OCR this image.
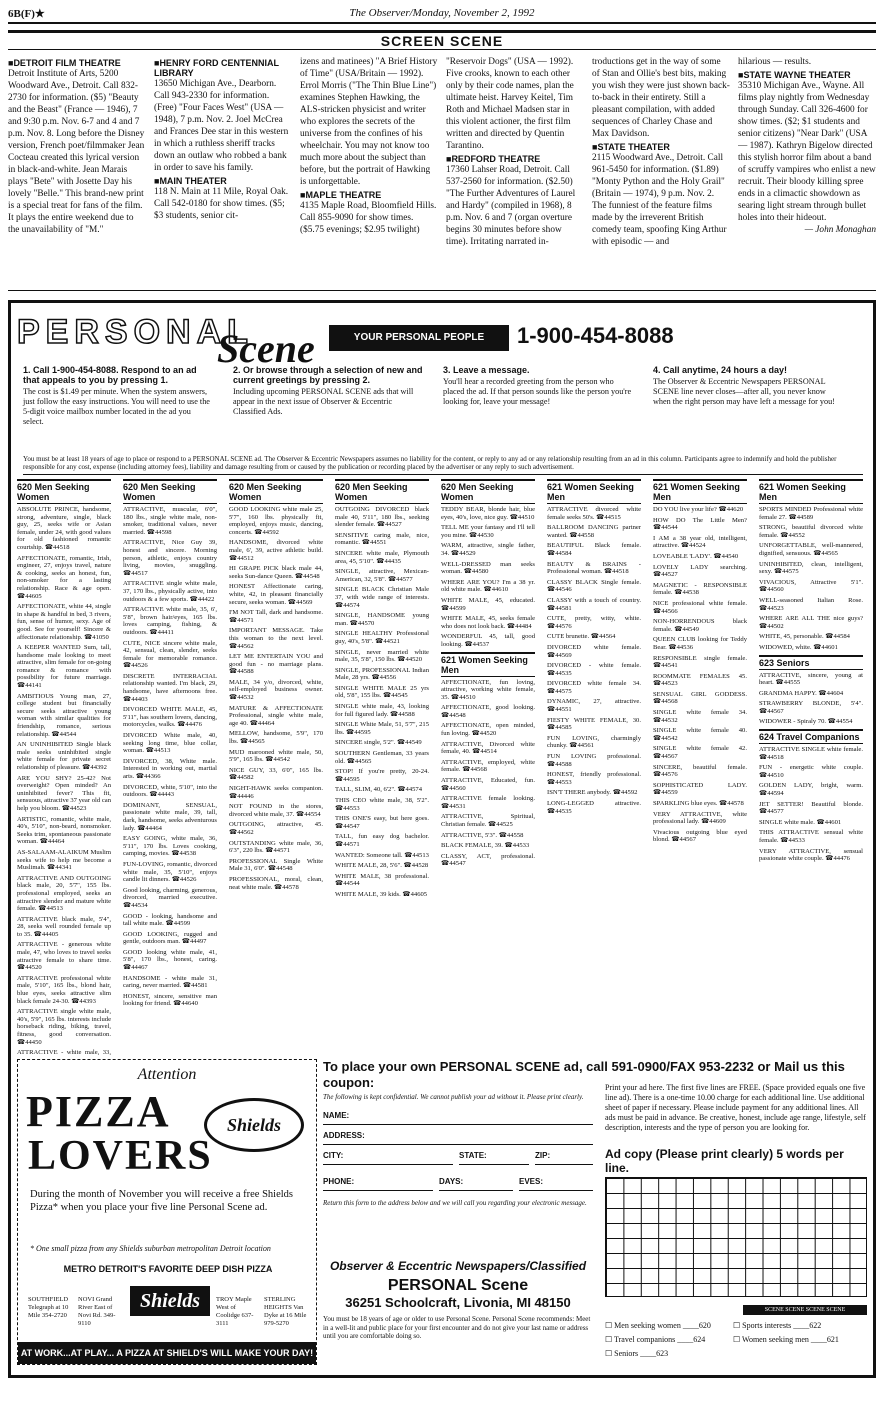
6B(F)★	The Observer/Monday, November 2, 1992
SCREEN SCENE
■ DETROIT FILM THEATRE

Detroit Institute of Arts, 5200 Woodward Ave., Detroit. Call 832-2730 for information. ($5) "Beauty and the Beast" (France — 1946), 7 and 9:30 p.m. Nov. 6-7 and 4 and 7 p.m. Nov. 8. Long before the Disney version, French poet/filmmaker Jean Cocteau created this lyrical version in black-and-white. Jean Marais plays "Bete" with Josette Day his lovely "Belle." This brand-new print is a special treat for fans of the film. It plays the entire weekend due to the unavailability of "M."

■ HENRY FORD CENTENNIAL LIBRARY

13650 Michigan Ave., Dearborn. Call 943-2330 for information. (Free) "Four Faces West" (USA — 1948), 7 p.m. Nov. 2. Joel McCrea and Frances Dee star in this western in which a ruthless sheriff tracks down an outlaw who robbed a bank in order to save his family.

■ MAIN THEATER

118 N. Main at 11 Mile, Royal Oak. Call 542-0180 for show times. ($5; $3 students, senior cit-

izens and matinees) "A Brief History of Time" (USA/Britain — 1992). Errol Morris ("The Thin Blue Line") examines Stephen Hawking, the ALS-stricken physicist and writer who explores the secrets of the universe from the confines of his wheelchair. You may not know too much more about the subject than before, but the portrait of Hawking is unforgettable.

■ MAPLE THEATRE

4135 Maple Road, Bloomfield Hills. Call 855-9090 for show times. ($5.75 evenings; $2.95 twilight)

"Reservoir Dogs" (USA — 1992). Five crooks, known to each other only by their code names, plan the ultimate heist. Harvey Keitel, Tim Roth and Michael Madsen star in this violent actioner, the first film written and directed by Quentin Tarantino.

■ REDFORD THEATRE

17360 Lahser Road, Detroit. Call 537-2560 for information. ($2.50) "The Further Adventures of Laurel and Hardy" (compiled in 1968), 8 p.m. Nov. 6 and 7 (organ overture begins 30 minutes before show time). Irritating narrated in-

troductions get in the way of some of Stan and Ollie's best bits, making you wish they were just shown back-to-back in their entirety. Still a pleasant compilation, with added sequences of Charley Chase and Max Davidson.

■ STATE THEATER

2115 Woodward Ave., Detroit. Call 961-5450 for information. ($1.89) "Monty Python and the Holy Grail" (Britain — 1974), 9 p.m. Nov. 2. The funniest of the feature films made by the irreverent British comedy team, spoofing King Arthur with episodic — and

hilarious — results.

■ STATE WAYNE THEATER

35310 Michigan Ave., Wayne. All films play nightly from Wednesday through Sunday. Call 326-4600 for show times. ($2; $1 students and senior citizens) "Near Dark" (USA — 1987). Kathryn Bigelow directed this stylish horror film about a band of scruffy vampires who enlist a new recruit. Their bloody killing spree ends in a climactic showdown as searing light stream through bullet holes into their hideout.

— John Monaghan

PERSONAL
Scene	YOUR PERSONAL PEOPLE CONNECTION
1-900-454-8088
1. Call 1-900-454-8088. Respond to an ad that appeals to you by pressing 1.
The cost is $1.49 per minute. When the system answers, just follow the easy instructions. You will need to use the 5-digit voice mailbox number located in the ad you select.
2. Or browse through a selection of new and current greetings by pressing 2.
Including upcoming PERSONAL SCENE ads that will appear in the next issue of Observer & Eccentric Classified Ads.
3. Leave a message.
You'll hear a recorded greeting from the person who placed the ad. If that person sounds like the person you're looking for, leave your message!
4. Call anytime, 24 hours a day!
The Observer & Eccentric Newspapers PERSONAL SCENE line never closes—after all, you never know when the right person may have left a message for you!
You must be at least 18 years of age to place or respond to a PERSONAL SCENE ad. The Observer & Eccentric Newspapers assumes no liability for the content, or reply to any ad or any relationship resulting from an ad in this column. Participants agree to indemnify and hold the publisher responsible for any cost, expense (including attorney fees), liability and damage resulting from or caused by the publication or recording placed by the advertiser or any reply to such advertisement.
620 Men Seeking Women

ABSOLUTE PRINCE, handsome, strong, adventure, single, black guy, 25, seeks wife or Asian female, under 24, with good values for old fashioned romantic courtship. ☎44518

AFFECTIONATE, romantic, Irish, engineer, 27, enjoys travel, nature & cooking, seeks an honest, fun, non-smoker for a lasting relationship. Race & age open. ☎44605

AFFECTIONATE, white 44, single in shape & handful in bed, 3 rivers, fun, sense of humor, sexy. Age of good. See for yourself! Sincere & affectionate relationship. ☎41050

A KEEPER WANTED Sum, tall, handsome male looking to meet attractive, slim female for on-going romance & romance with possibility for future marriage. ☎44141

AMBITIOUS Young man, 27, college student but financially secure seeks attractive young woman with similar qualities for friendship, romance, serious relationship. ☎44544

AN UNINHIBITED Single black male seeks uninhibited single white female for private secret relationship of pleasure. ☎44392

ARE YOU SHY? 25-42? Not overweight? Open minded? An uninhibited fever? This fit, sensuous, attractive 37 year old can help you bloom. ☎44523

ARTISTIC, romantic, white male, 40's, 5'10", non-beard, nonsmoker. Seeks trim, spontaneous passionate woman. ☎44464

AS-SALAAM-ALAIKUM Muslim seeks wife to help me become a Muslimah. ☎44341

ATTRACTIVE AND OUTGOING black male, 20, 5'7", 155 lbs. professional employed, seeks an attractive slender and mature white female. ☎44513

ATTRACTIVE black male, 5'4", 28, seeks well rounded female up to 35. ☎44405

ATTRACTIVE - generous white male, 47, who loves to travel seeks attractive female to share time. ☎44520

ATTRACTIVE professional white male, 5'10", 165 lbs., blond hair, blue eyes, seeks attractive slim black female 24-30. ☎44393

ATTRACTIVE single white male, 40's, 5'9", 165 lbs. interests include horseback riding, biking, travel, fitness, good conversation. ☎44450

ATTRACTIVE - white male, 33,

620 Men Seeking Women

ATTRACTIVE, muscular, 6'0", 180 lbs., single white male, non-smoker, traditional values, never married. ☎44598

ATTRACTIVE, Nice Guy 39, honest and sincere. Morning person, athletic, enjoys country living, movies, snuggling. ☎44517

ATTRACTIVE single white male, 37, 170 lbs., physically active, into outdoors & a few sports. ☎44422

ATTRACTIVE white male, 35, 6', 5'8", brown hair/eyes, 165 lbs. loves camping, fishing, & outdoors. ☎44411

CUTE, NICE sincere white male, 42, sensual, clean, slender, seeks female for memorable romance. ☎44526

DISCRETE INTERRACIAL relationship wanted. I'm black, 29, handsome, have afternoons free. ☎44403

DIVORCED WHITE MALE, 45, 5'11", has southern lovers, dancing, motorcycles, walks. ☎44476

DIVORCED White male, 40, seeking long time, blue collar, woman. ☎44513

DIVORCED, 38, White male. Interested in working out, martial arts. ☎44366

DIVORCED, white, 5'10", into the outdoors. ☎44443

DOMINANT, SENSUAL, passionate white male, 39, tall, dark, handsome, seeks adventurous lady. ☎44464

EASY GOING, white male, 36, 5'11", 170 lbs. Loves cooking, camping, movies. ☎44538

FUN-LOVING, romantic, divorced white male, 35, 5'10", enjoys candle lit dinners. ☎44526

Good looking, charming, generous, divorced, married executive. ☎44534

GOOD - looking, handsome and tall white male. ☎44599

GOOD LOOKING, rugged and gentle, outdoors man. ☎44497

GOOD looking white male, 41, 5'8", 170 lbs., honest, caring. ☎44467

HANDSOME - white male 31, caring, never married. ☎44581

HONEST, sincere, sensitive man looking for friend. ☎44640

620 Men Seeking Women

GOOD LOOKING white male 25, 5'7", 160 lbs. physically fit, employed, enjoys music, dancing, concerts. ☎44592

HANDSOME, divorced white male, 6', 39, active athletic build. ☎44512

HI GRAPE PICK black male 44, seeks Sun-dance Queen. ☎44548

HONEST Affectionate caring, white, 42, in pleasant financially secure, seeks woman. ☎44569

I'M NOT Tall, dark and handsome. ☎44571

IMPORTANT MESSAGE. Take this woman to the next level. ☎44562

LET ME ENTERTAIN YOU and good fun - no marriage plans. ☎44588

MALE, 34 y/o, divorced, white, self-employed business owner. ☎44532

MATURE & AFFECTIONATE Professional, single white male, age 40. ☎44464

MELLOW, handsome, 5'9", 170 lbs. ☎44565

MUD marooned white male, 50, 5'9", 165 lbs. ☎44542

NICE GUY, 33, 6'0", 165 lbs. ☎44582

NIGHT-HAWK seeks companion. ☎44446

NOT FOUND in the stores, divorced white male, 37. ☎44554

OUTGOING, attractive, 45. ☎44562

OUTSTANDING white male, 36, 6'3", 220 lbs. ☎44571

PROFESSIONAL Single White Male 31, 6'0". ☎44548

PROFESSIONAL, moral, clean, neat white male. ☎44578

620 Men Seeking Women

OUTGOING DIVORCED black male 40, 5'11", 180 lbs., seeking slender female. ☎44527

SENSITIVE caring male, nice, romantic. ☎44551

SINCERE white male, Plymouth area, 45, 5'10". ☎44435

SINGLE, attractive, Mexican-American, 32, 5'8". ☎44577

SINGLE BLACK Christian Male 37, with wide range of interests. ☎44574

SINGLE, HANDSOME young man. ☎44570

SINGLE HEALTHY Professional guy, 40's, 5'8". ☎44521

SINGLE, never married white male, 35, 5'8", 150 lbs. ☎44520

SINGLE, PROFESSIONAL Indian Male, 28 yrs. ☎44556

SINGLE WHITE MALE 25 yrs old, 5'8", 155 lbs. ☎44545

SINGLE white male, 43, looking for full figured lady. ☎44588

SINGLE White Male, 51, 5'7", 215 lbs. ☎44595

SINCERE single, 5'2". ☎44549

SOUTHERN Gentleman, 33 years old. ☎44565

STOP! If you're pretty, 20-24. ☎44595

TALL, SLIM, 40, 6'2". ☎44574

THIS CEO white male, 38, 5'2". ☎44553

THIS ONE'S easy, but here goes. ☎44547

TALL, fun easy dog bachelor. ☎44571

WANTED: Someone tall. ☎44513

WHITE MALE, 28, 5'6". ☎44528

WHITE MALE, 38 professional. ☎44544

WHITE MALE, 39 kids. ☎44605

620 Men Seeking Women

TEDDY BEAR, blonde hair, blue eyes, 40's, love, nice guy. ☎44510

TELL ME your fantasy and I'll tell you mine. ☎44530

WARM, attractive, single father, 34. ☎44529

WELL-DRESSED man seeks woman. ☎44580

WHERE ARE YOU? I'm a 38 yr. old white male. ☎44610

WHITE MALE, 45, educated. ☎44599

WHITE MALE, 45, seeks female who does not look back. ☎44484

WONDERFUL 45, tall, good looking. ☎44537

621 Women Seeking Men

AFFECTIONATE, fun loving, attractive, working white female, 35. ☎44510

AFFECTIONATE, good looking. ☎44548

AFFECTIONATE, open minded, fun loving. ☎44520

ATTRACTIVE, Divorced white female, 40. ☎44514

ATTRACTIVE, employed, white female. ☎44568

ATTRACTIVE, Educated, fun. ☎44560

ATTRACTIVE female looking. ☎44531

ATTRACTIVE, Spiritual, Christian female. ☎44525

ATTRACTIVE, 5'3". ☎44558

BLACK FEMALE, 39. ☎44533

CLASSY, ACT, professional. ☎44547

621 Women Seeking Men

ATTRACTIVE divorced white female seeks 50's. ☎44515

BALLROOM DANCING partner wanted. ☎44558

BEAUTIFUL Black female. ☎44584

BEAUTY & BRAINS - Professional woman. ☎44518

CLASSY BLACK Single female. ☎44546

CLASSY with a touch of country. ☎44581

CUTE, pretty, witty, white. ☎44576

CUTE brunette. ☎44564

DIVORCED white female. ☎44569

DIVORCED - white female. ☎44535

DIVORCED white female 34. ☎44575

DYNAMIC, 27, attractive. ☎44551

FIESTY WHITE FEMALE, 30. ☎44585

FUN LOVING, charmingly chunky. ☎44561

FUN LOVING professional. ☎44588

HONEST, friendly professional. ☎44553

ISN'T THERE anybody. ☎44592

LONG-LEGGED attractive. ☎44535

621 Women Seeking Men

DO YOU live your life? ☎44620

HOW DO The Little Men? ☎44544

I AM a 38 year old, intelligent, attractive. ☎44524

LOVEABLE 'LADY'. ☎44540

LOVELY LADY searching. ☎44527

MAGNETIC - RESPONSIBLE female. ☎44538

NICE professional white female. ☎44566

NON-HORRENDOUS black female. ☎44549

QUEEN CLUB looking for Teddy Bear. ☎44536

RESPONSIBLE single female. ☎44541

ROOMMATE FEMALES 45. ☎44523

SENSUAL GIRL GODDESS. ☎44568

SINGLE white female 34. ☎44532

SINGLE white female 40. ☎44542

SINGLE white female 42. ☎44567

SINCERE, beautiful female. ☎44576

SOPHISTICATED LADY. ☎44559

SPARKLING blue eyes. ☎44578

VERY ATTRACTIVE, white professional lady. ☎44609

Vivacious outgoing blue eyed blond. ☎44567

621 Women Seeking Men

SPORTS MINDED Professional white female 27. ☎44589

STRONG, beautiful divorced white female. ☎44552

UNFORGETTABLE, well-mannered, dignified, sensuous. ☎44565

UNINHIBITED, clean, intelligent, sexy. ☎44575

VIVACIOUS, Attractive 5'1". ☎44560

WELL-seasoned Italian Rose. ☎44523

WHERE ARE ALL THE nice guys? ☎44502

WHITE, 45, personable. ☎44584

WIDOWED, white. ☎44601

623 Seniors

ATTRACTIVE, sincere, young at heart. ☎44555

GRANDMA HAPPY. ☎44604

STRAWBERRY BLONDE, 5'4". ☎44567

WIDOWER - Spiraly 70. ☎44554

624 Travel Companions

ATTRACTIVE SINGLE white female. ☎44518

FUN - energetic white couple. ☎44510

GOLDEN LADY, bright, warm. ☎44594

JET SETTER! Beautiful blonde. ☎44577

SINGLE white male. ☎44601

THIS ATTRACTIVE sensual white female. ☎44533

VERY ATTRACTIVE, sensual passionate white couple. ☎44476

Attention
PIZZA
LOVERS
Shields
During the month of November you will receive a free Shields Pizza* when you place your five line Personal Scene ad.
* One small pizza from any Shields suburban metropolitan Detroit location
METRO DETROIT'S FAVORITE DEEP DISH PIZZA
SOUTHFIELD Telegraph at 10 Mile 354-2720
NOVI Grand River East of Novi Rd. 349-9110
Shields	TROY Maple West of Coolidge 637-3111
STERLING HEIGHTS Van Dyke at 16 Mile 979-5270
AT WORK...AT PLAY... A PIZZA AT SHIELD'S WILL MAKE YOUR DAY!
To place your own PERSONAL SCENE ad, call 591-0900/FAX 953-2232 or Mail us this coupon:
The following is kept confidential. We cannot publish your ad without it. Please print clearly.
NAME:
ADDRESS:
CITY:	STATE:	ZIP:
PHONE:	DAYS:	EVES:
Return this form to the address below and we will call you regarding your electronic message.
Print your ad here. The first five lines are FREE. (Space provided equals one five line ad). There is a one-time 10.00 charge for each additional line. Use additional sheet of paper if necessary. Please include payment for any additional lines. All ads must be paid in advance. Be creative, honest, include age range, lifestyle, self description, interests and the type of person you are looking for.
Ad copy (Please print clearly) 5 words per line.
Observer & Eccentric Newspapers/Classified
PERSONAL Scene
36251 Schoolcraft, Livonia, MI 48150
You must be 18 years of age or older to use Personal Scene. Personal Scene recommends: Meet in a well-lit and public place for your first encounter and do not give your last name or address until you are comfortable doing so.
SCENE SCENE SCENE SCENE
☐ Men seeking women ____620	☐ Sports interests ____622☐ Travel companions ____624	☐ Women seeking men ____621☐ Seniors ____623
